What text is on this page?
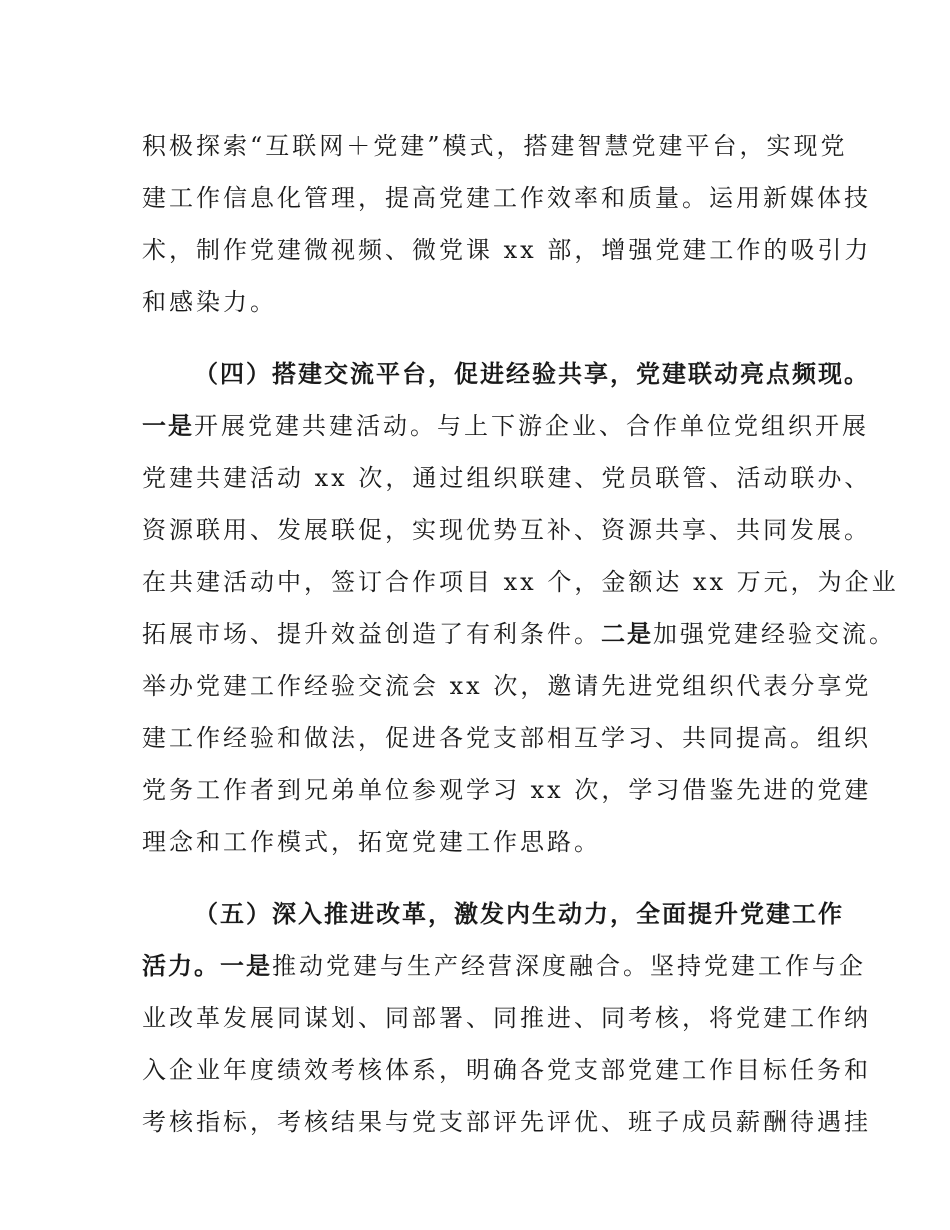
积极探索“互联网＋党建”模式，搭建智慧党建平台，实现党
建工作信息化管理，提高党建工作效率和质量。运用新媒体技
术，制作党建微视频、微党课 xx 部，增强党建工作的吸引力
和感染力。
（四）搭建交流平台，促进经验共享，党建联动亮点频现。
一是开展党建共建活动。与上下游企业、合作单位党组织开展
党建共建活动 xx 次，通过组织联建、党员联管、活动联办、
资源联用、发展联促，实现优势互补、资源共享、共同发展。
在共建活动中，签订合作项目 xx 个，金额达 xx 万元，为企业
拓展市场、提升效益创造了有利条件。二是加强党建经验交流。
举办党建工作经验交流会 xx 次，邀请先进党组织代表分享党
建工作经验和做法，促进各党支部相互学习、共同提高。组织
党务工作者到兄弟单位参观学习 xx 次，学习借鉴先进的党建
理念和工作模式，拓宽党建工作思路。
（五）深入推进改革，激发内生动力，全面提升党建工作
活力。一是推动党建与生产经营深度融合。坚持党建工作与企
业改革发展同谋划、同部署、同推进、同考核，将党建工作纳
入企业年度绩效考核体系，明确各党支部党建工作目标任务和
考核指标，考核结果与党支部评先评优、班子成员薪酬待遇挂
